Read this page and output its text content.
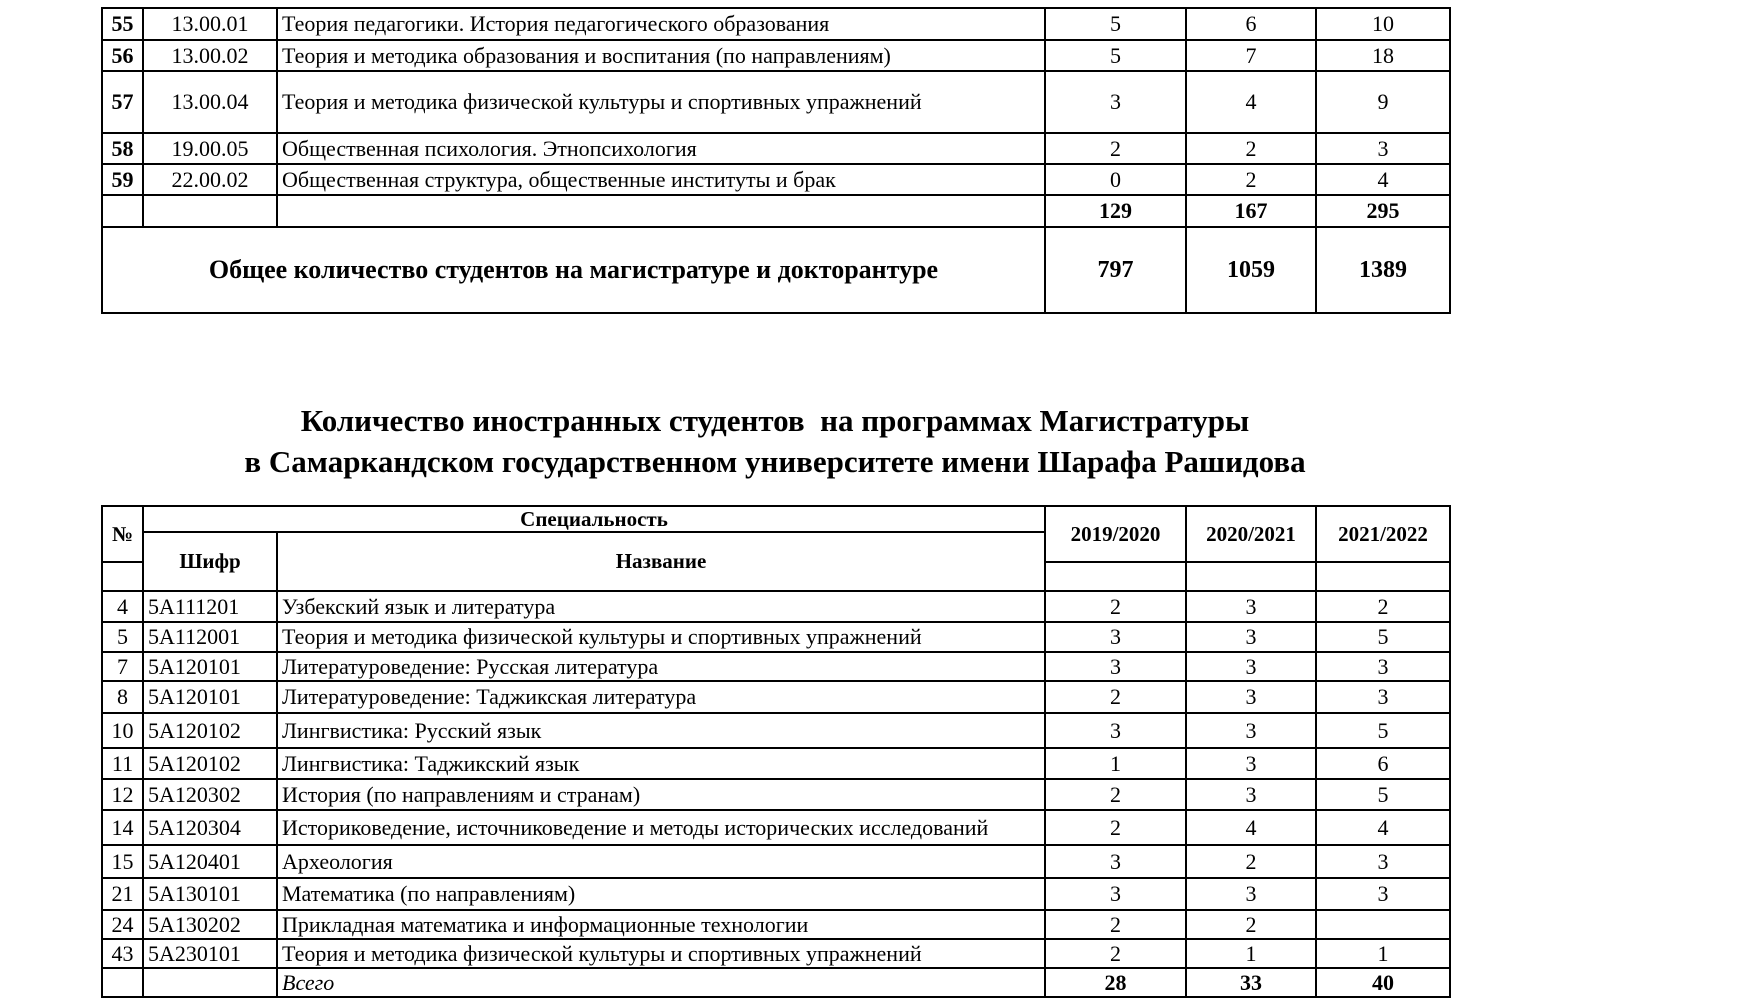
55	13.00.01	Теория педагогики. История педагогического образования	5	6	10
56	13.00.02	Теория и методика образования и воспитания (по направлениям)	5	7	18
57	13.00.04	Теория и методика физической культуры и спортивных упражнений	3	4	9
58	19.00.05	Общественная психология. Этнопсихология	2	2	3
59	22.00.02	Общественная структура, общественные институты и брак	0	2	4
			129	167	295
Общее количество студентов на магистратуре и докторантуре			797	1059	1389
Количество иностранных студентов  на программах Магистратуры
в Самаркандском государственном университете имени Шарафа Рашидова
№	Специальность		2019/2020	2020/2021	2021/2022
	Шифр	Название			

4	5A111201	Узбекский язык и литература	2	3	2
5	5A112001	Теория и методика физической культуры и спортивных упражнений	3	3	5
7	5A120101	Литературоведение: Русская литература	3	3	3
8	5A120101	Литературоведение: Таджикская литература	2	3	3
10	5A120102	Лингвистика: Русский язык	3	3	5
11	5A120102	Лингвистика: Таджикский язык	1	3	6
12	5A120302	История (по направлениям и странам)	2	3	5
14	5A120304	Историковедение, источниковедение и методы исторических исследований	2	4	4
15	5A120401	Археология	3	2	3
21	5A130101	Математика (по направлениям)	3	3	3
24	5A130202	Прикладная математика и информационные технологии	2	2	
43	5A230101	Теория и методика физической культуры и спортивных упражнений	2	1	1
		Всего	28	33	40
